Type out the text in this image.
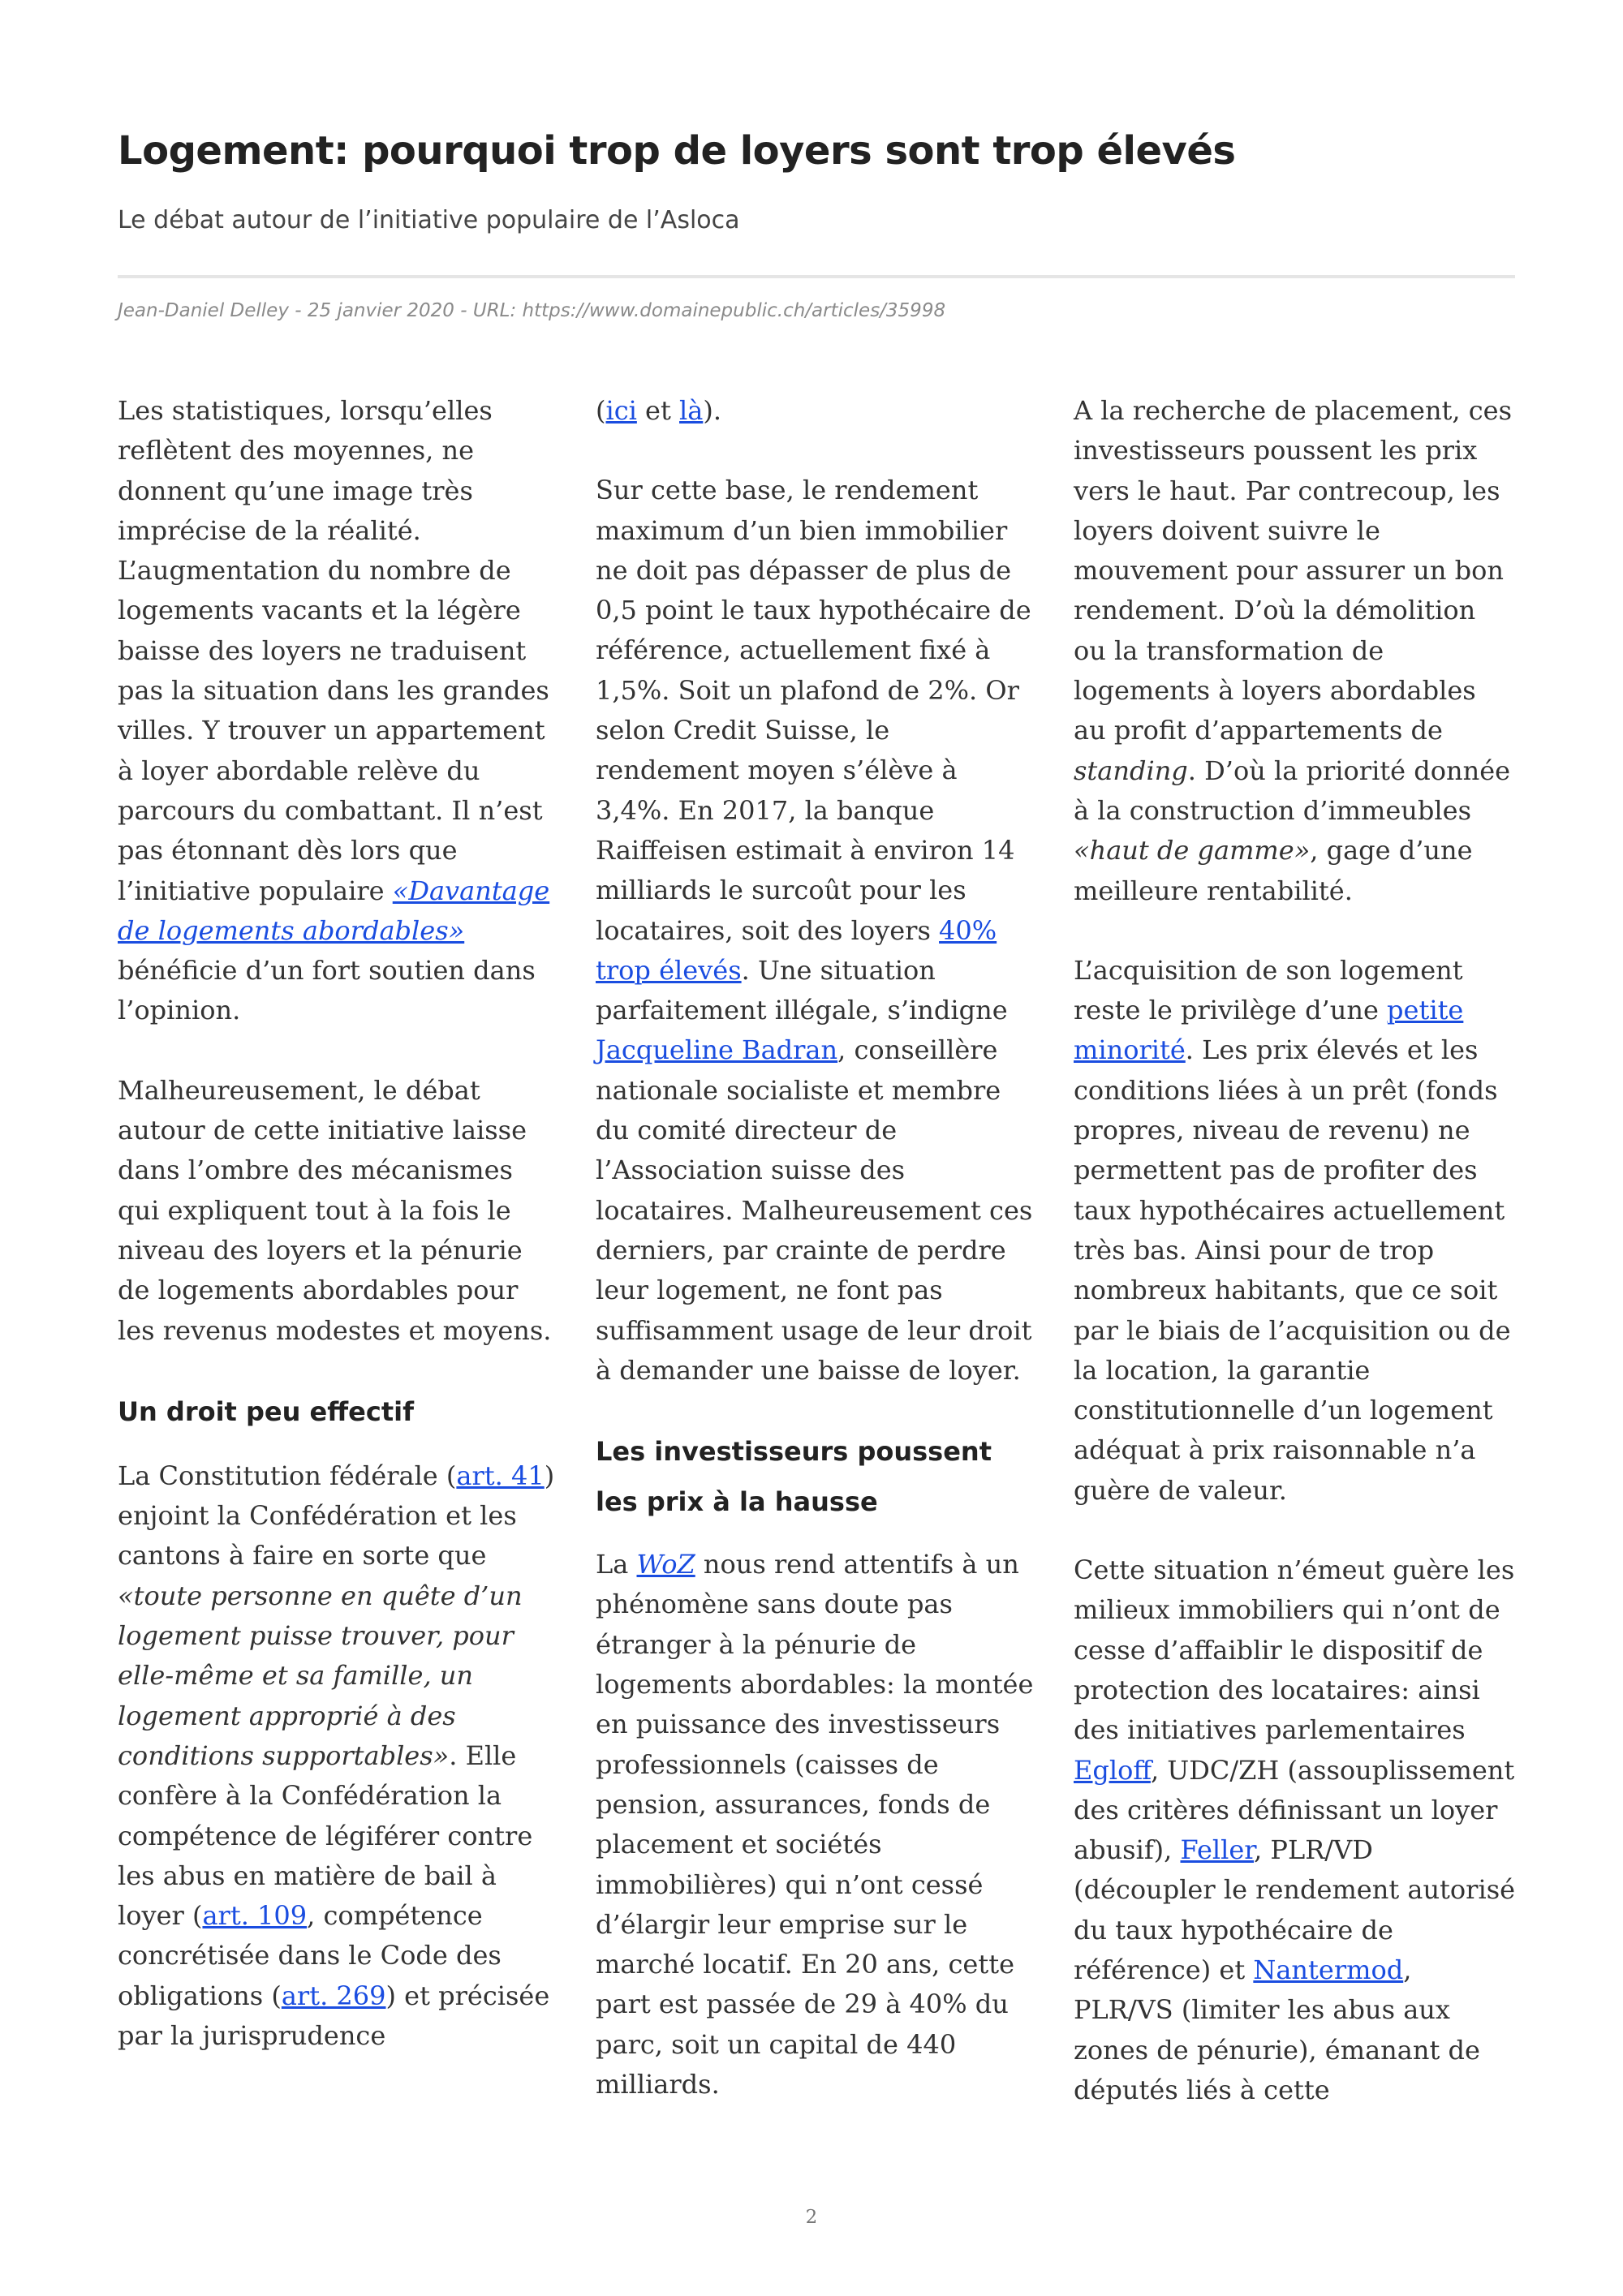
Logement: pourquoi trop de loyers sont trop élevés

Le débat autour de l’initiative populaire de l’Asloca

Jean-Daniel Delley - 25 janvier 2020 - URL: https://www.domainepublic.ch/articles/35998

Les statistiques, lorsqu’elles reflètent des moyennes, ne donnent qu’une image très imprécise de la réalité. L’augmentation du nombre de logements vacants et la légère baisse des loyers ne traduisent pas la situation dans les grandes villes. Y trouver un appartement à loyer abordable relève du parcours du combattant. Il n’est pas étonnant dès lors que l’initiative populaire «Davantage de logements abordables» bénéficie d’un fort soutien dans l’opinion.

Malheureusement, le débat autour de cette initiative laisse dans l’ombre des mécanismes qui expliquent tout à la fois le niveau des loyers et la pénurie de logements abordables pour les revenus modestes et moyens.

Un droit peu effectif

La Constitution fédérale (art. 41) enjoint la Confédération et les cantons à faire en sorte que «toute personne en quête d’un logement puisse trouver, pour elle-même et sa famille, un logement approprié à des conditions supportables». Elle confère à la Confédération la compétence de légiférer contre les abus en matière de bail à loyer (art. 109, compétence concrétisée dans le Code des obligations (art. 269) et précisée par la jurisprudence

(ici et là).

Sur cette base, le rendement maximum d’un bien immobilier ne doit pas dépasser de plus de 0,5 point le taux hypothécaire de référence, actuellement fixé à 1,5%. Soit un plafond de 2%. Or selon Credit Suisse, le rendement moyen s’élève à 3,4%. En 2017, la banque Raiffeisen estimait à environ 14 milliards le surcoût pour les locataires, soit des loyers 40% trop élevés. Une situation parfaitement illégale, s’indigne Jacqueline Badran, conseillère nationale socialiste et membre du comité directeur de l’Association suisse des locataires. Malheureusement ces derniers, par crainte de perdre leur logement, ne font pas suffisamment usage de leur droit à demander une baisse de loyer.

Les investisseurs poussent les prix à la hausse

La WoZ nous rend attentifs à un phénomène sans doute pas étranger à la pénurie de logements abordables: la montée en puissance des investisseurs professionnels (caisses de pension, assurances, fonds de placement et sociétés immobilières) qui n’ont cessé d’élargir leur emprise sur le marché locatif. En 20 ans, cette part est passée de 29 à 40% du parc, soit un capital de 440 milliards.

A la recherche de placement, ces investisseurs poussent les prix vers le haut. Par contrecoup, les loyers doivent suivre le mouvement pour assurer un bon rendement. D’où la démolition ou la transformation de logements à loyers abordables au profit d’appartements de standing. D’où la priorité donnée à la construction d’immeubles «haut de gamme», gage d’une meilleure rentabilité.

L’acquisition de son logement reste le privilège d’une petite minorité. Les prix élevés et les conditions liées à un prêt (fonds propres, niveau de revenu) ne permettent pas de profiter des taux hypothécaires actuellement très bas. Ainsi pour de trop nombreux habitants, que ce soit par le biais de l’acquisition ou de la location, la garantie constitutionnelle d’un logement adéquat à prix raisonnable n’a guère de valeur.

Cette situation n’émeut guère les milieux immobiliers qui n’ont de cesse d’affaiblir le dispositif de protection des locataires: ainsi des initiatives parlementaires Egloff, UDC/ZH (assouplissement des critères définissant un loyer abusif), Feller, PLR/VD (découpler le rendement autorisé du taux hypothécaire de référence) et Nantermod, PLR/VS (limiter les abus aux zones de pénurie), émanant de députés liés à cette

2
